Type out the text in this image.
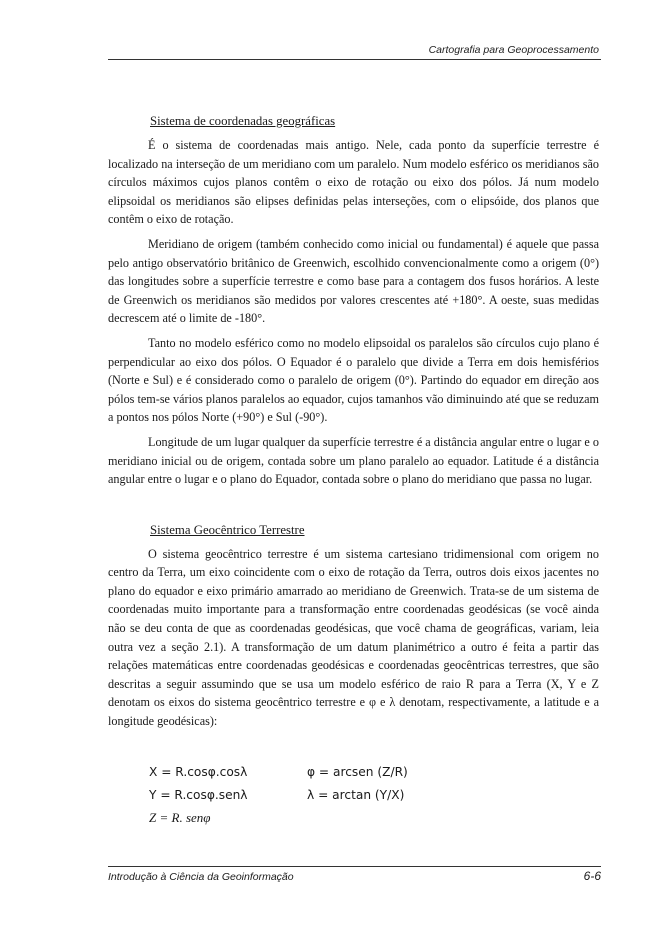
Cartografia para Geoprocessamento
Sistema de coordenadas geográficas

É o sistema de coordenadas mais antigo. Nele, cada ponto da superfície terrestre é localizado na interseção de um meridiano com um paralelo. Num modelo esférico os meridianos são círculos máximos cujos planos contêm o eixo de rotação ou eixo dos pólos. Já num modelo elipsoidal os meridianos são elipses definidas pelas interseções, com o elipsóide, dos planos que contêm o eixo de rotação.

Meridiano de origem (também conhecido como inicial ou fundamental) é aquele que passa pelo antigo observatório britânico de Greenwich, escolhido convencionalmente como a origem (0°) das longitudes sobre a superfície terrestre e como base para a contagem dos fusos horários. A leste de Greenwich os meridianos são medidos por valores crescentes até +180°. A oeste, suas medidas decrescem até o limite de -180°.

Tanto no modelo esférico como no modelo elipsoidal os paralelos são círculos cujo plano é perpendicular ao eixo dos pólos. O Equador é o paralelo que divide a Terra em dois hemisférios (Norte e Sul) e é considerado como o paralelo de origem (0°). Partindo do equador em direção aos pólos tem-se vários planos paralelos ao equador, cujos tamanhos vão diminuindo até que se reduzam a pontos nos pólos Norte (+90°) e Sul (-90°).

Longitude de um lugar qualquer da superfície terrestre é a distância angular entre o lugar e o meridiano inicial ou de origem, contada sobre um plano paralelo ao equador. Latitude é a distância angular entre o lugar e o plano do Equador, contada sobre o plano do meridiano que passa no lugar.

Sistema Geocêntrico Terrestre

O sistema geocêntrico terrestre é um sistema cartesiano tridimensional com origem no centro da Terra, um eixo coincidente com o eixo de rotação da Terra, outros dois eixos jacentes no plano do equador e eixo primário amarrado ao meridiano de Greenwich. Trata-se de um sistema de coordenadas muito importante para a transformação entre coordenadas geodésicas (se você ainda não se deu conta de que as coordenadas geodésicas, que você chama de geográficas, variam, leia outra vez a seção 2.1). A transformação de um datum planimétrico a outro é feita a partir das relações matemáticas entre coordenadas geodésicas e coordenadas geocêntricas terrestres, que são descritas a seguir assumindo que se usa um modelo esférico de raio R para a Terra (X, Y e Z denotam os eixos do sistema geocêntrico terrestre e φ e λ denotam, respectivamente, a latitude e a longitude geodésicas):

X = R.cosφ.cosλ	φ = arcsen (Z/R)
Y = R.cosφ.senλ	λ = arctan (Y/X)
Z = R. senφ
Introdução à Ciência da Geoinformação	6-6
